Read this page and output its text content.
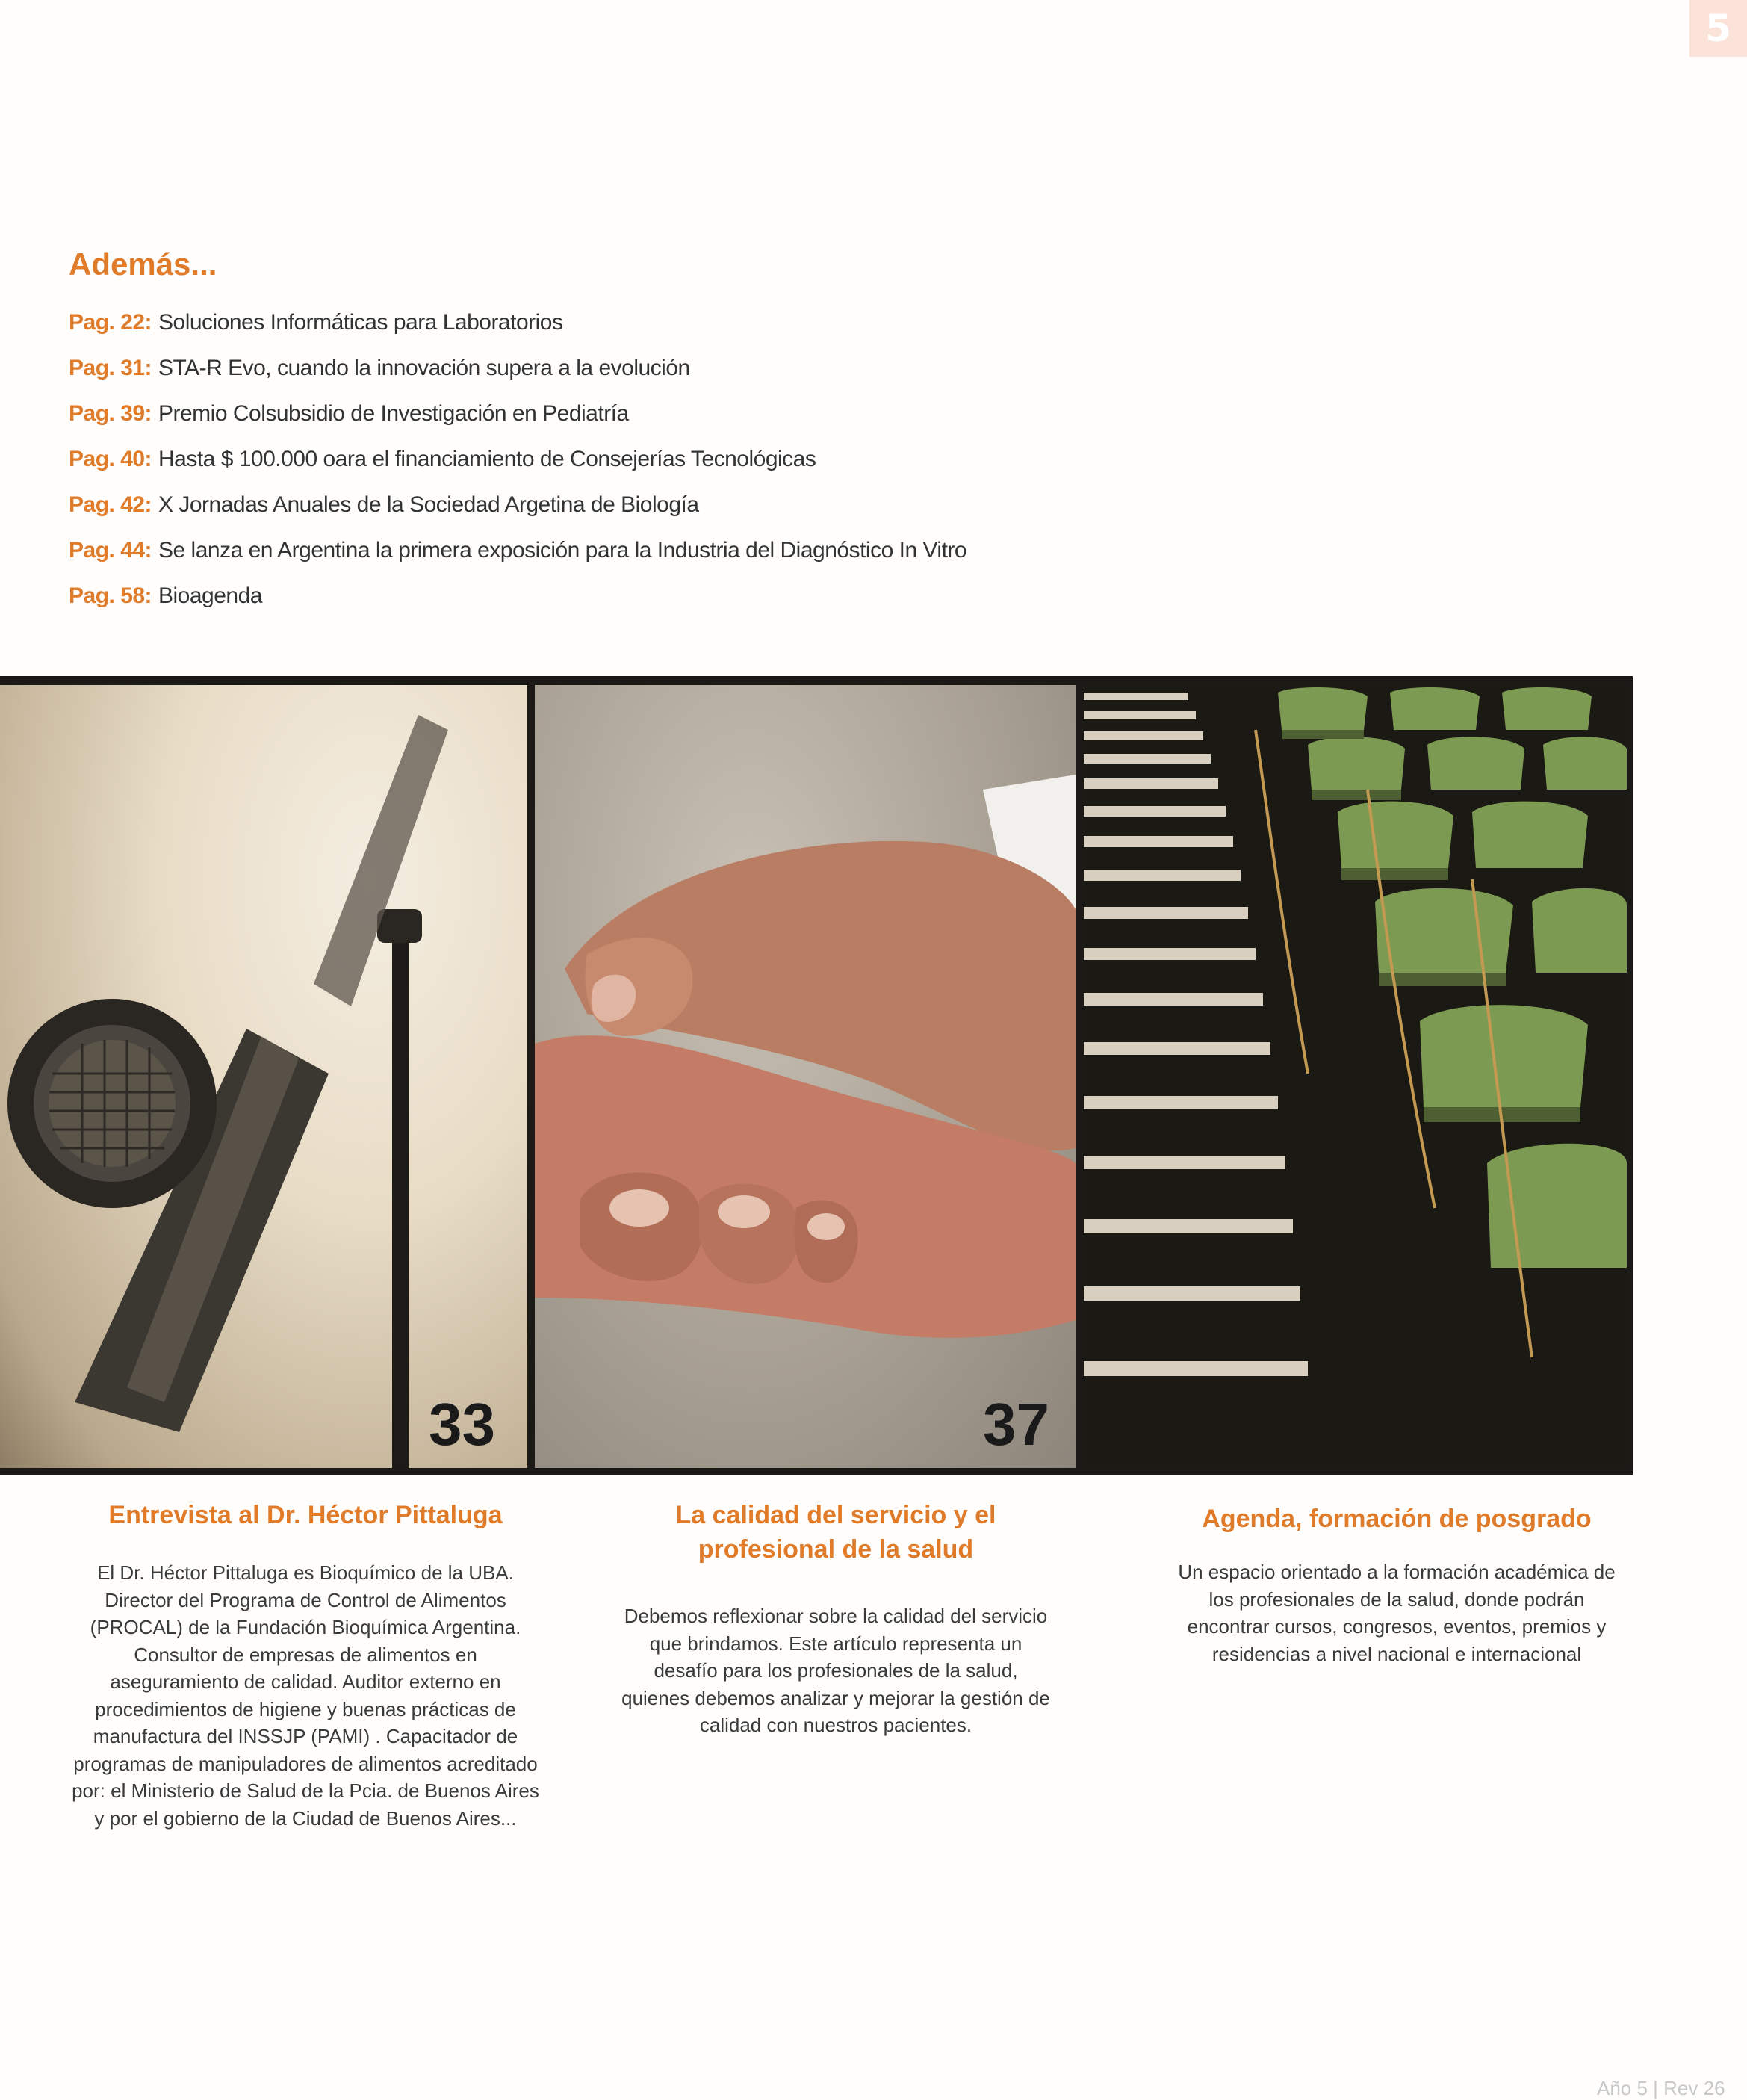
5
Además...
Pag. 22: Soluciones Informáticas para Laboratorios
Pag. 31: STA-R Evo, cuando la innovación supera a la evolución
Pag. 39: Premio Colsubsidio de Investigación en Pediatría
Pag. 40: Hasta $ 100.000 oara el financiamiento de Consejerías Tecnológicas
Pag. 42: X Jornadas Anuales de la Sociedad Argetina de Biología
Pag. 44: Se lanza en Argentina la primera exposición para la Industria del Diagnóstico In Vitro
Pag. 58: Bioagenda
33	37
Entrevista al Dr. Héctor Pittaluga

El Dr. Héctor Pittaluga es Bioquímico de la UBA. Director del Programa de Control de Alimentos (PROCAL) de la Fundación Bioquímica Argentina. Consultor de empresas de alimentos en aseguramiento de calidad. Auditor externo en procedimientos de higiene y buenas prácticas de manufactura del INSSJP (PAMI) . Capacitador de programas de manipuladores de alimentos acreditado por: el Ministerio de Salud de la Pcia. de Buenos Aires y por el gobierno de la Ciudad de Buenos Aires...

La calidad del servicio y el profesional de la salud

Debemos reflexionar sobre la calidad del servicio que brindamos. Este artículo representa un desafío para los profesionales de la salud, quienes debemos analizar y mejorar la gestión de calidad con nuestros pacientes.

Agenda, formación de posgrado

Un espacio orientado a la formación académica de los profesionales de la salud, donde podrán encontrar cursos, congresos, eventos, premios y residencias a nivel nacional e internacional

Año 5 | Rev 26
